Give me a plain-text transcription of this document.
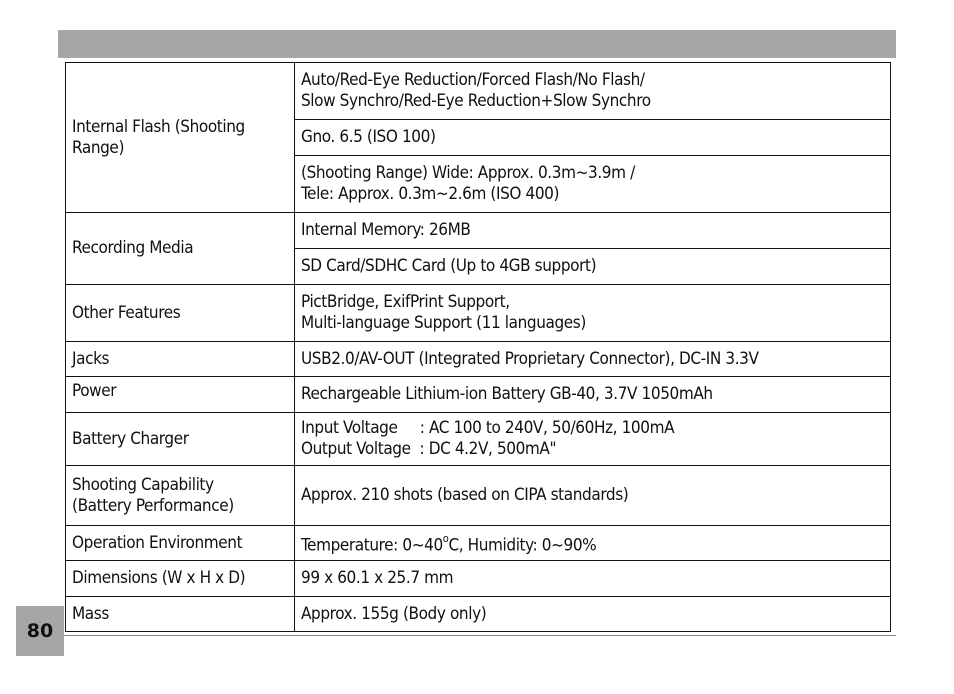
Internal Flash (Shooting Range)	Auto/Red-Eye Reduction/Forced Flash/No Flash/
Slow Synchro/Red-Eye Reduction+Slow Synchro

	Gno. 6.5 (ISO 100)

	(Shooting Range) Wide: Approx. 0.3m~3.9m /
Tele: Approx. 0.3m~2.6m (ISO 400)

Recording Media	Internal Memory: 26MB
	SD Card/SDHC Card (Up to 4GB support)
Other Features	PictBridge, ExifPrint Support,
Multi-language Support (11 languages)

Jacks	USB2.0/AV-OUT (Integrated Proprietary Connector), DC-IN 3.3V
Power	Rechargeable Lithium-ion Battery GB-40, 3.7V 1050mAh
Battery Charger	Input Voltage     : AC 100 to 240V, 50/60Hz, 100mA
Output Voltage  : DC 4.2V, 500mA"

Shooting Capability
(Battery Performance)	Approx. 210 shots (based on CIPA standards)
Operation Environment	Temperature: 0~40$^o$C, Humidity: 0~90%
Dimensions (W x H x D)	99 x 60.1 x 25.7 mm
Mass	Approx. 155g (Body only)
80
